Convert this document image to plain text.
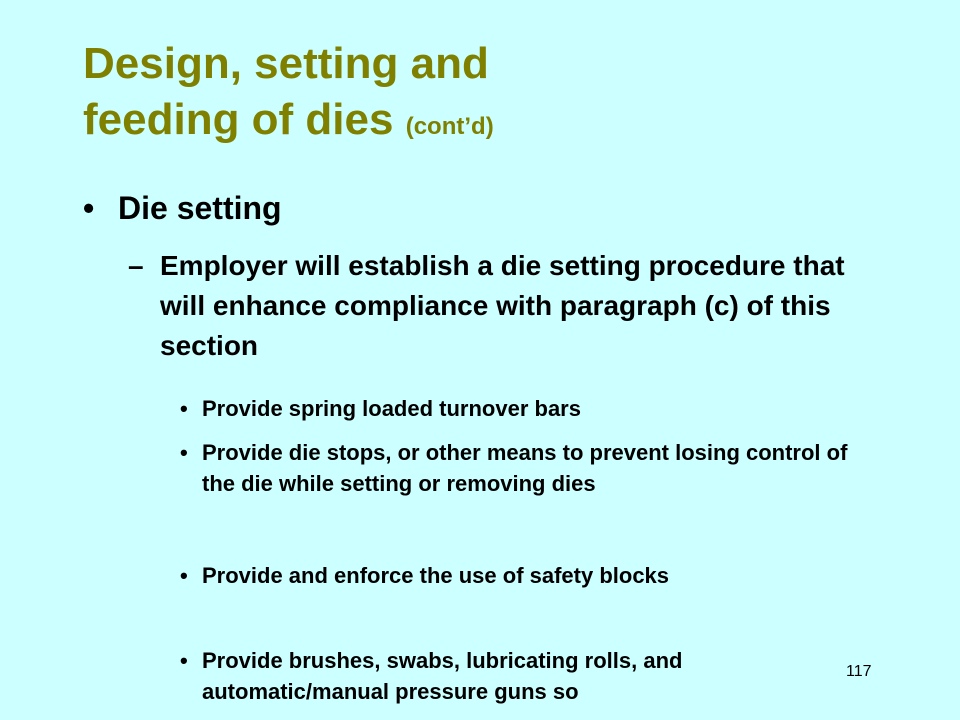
Design, setting and
feeding of dies (cont’d)
• Die setting
– Employer will establish a die setting procedure that will enhance compliance with paragraph (c) of this section
• Provide spring loaded turnover bars
• Provide die stops, or other means to prevent losing control of the die while setting or removing dies
• Provide and enforce the use of safety blocks
• Provide brushes, swabs, lubricating rolls, and automatic/manual pressure guns so
117
